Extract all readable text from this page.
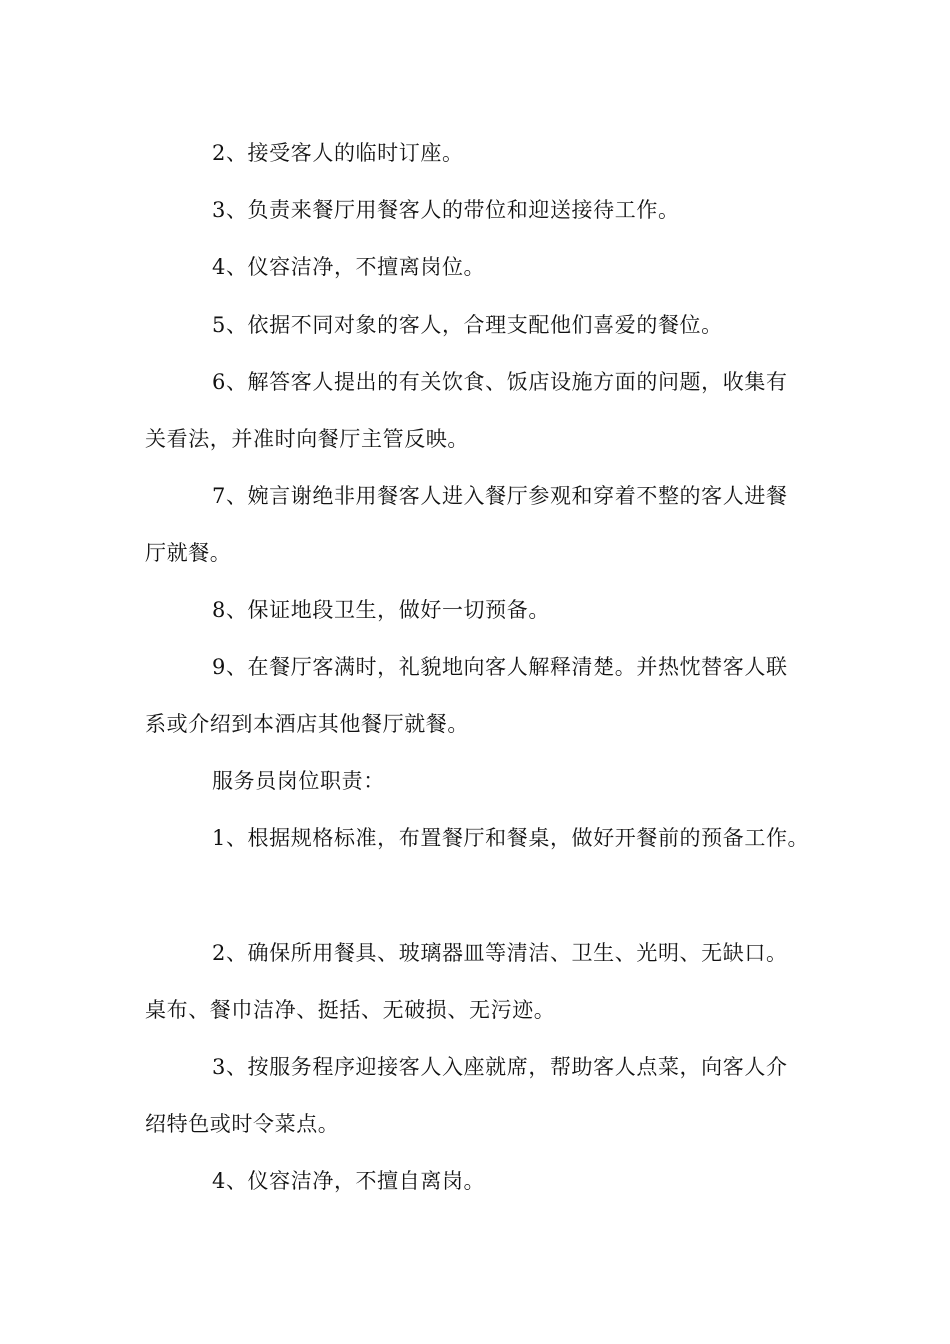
2、接受客人的临时订座。
3、负责来餐厅用餐客人的带位和迎送接待工作。
4、仪容洁净，不擅离岗位。
5、依据不同对象的客人，合理支配他们喜爱的餐位。
6、解答客人提出的有关饮食、饭店设施方面的问题，收集有
关看法，并准时向餐厅主管反映。
7、婉言谢绝非用餐客人进入餐厅参观和穿着不整的客人进餐
厅就餐。
8、保证地段卫生，做好一切预备。
9、在餐厅客满时，礼貌地向客人解释清楚。并热忱替客人联
系或介绍到本酒店其他餐厅就餐。
服务员岗位职责：
1、根据规格标准，布置餐厅和餐桌，做好开餐前的预备工作。
2、确保所用餐具、玻璃器皿等清洁、卫生、光明、无缺口。
桌布、餐巾洁净、挺括、无破损、无污迹。
3、按服务程序迎接客人入座就席，帮助客人点菜，向客人介
绍特色或时令菜点。
4、仪容洁净，不擅自离岗。
